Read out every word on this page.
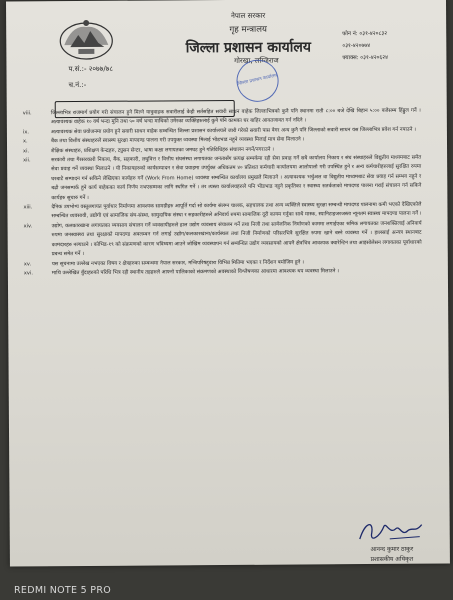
नेपाल सरकार
गृह मन्त्रालय
जिल्ला प्रशासन कार्यालय
गोरखा, लम्जिराज
फोन नं: ०३१-४२०८३२
०३१-४२०७७४
फ्याक्स: ०३१-४२०६२४
प.सं.:- २०७७/७८
च.नं.:-	जिल्ला प्रशासन कार्यालय
viii.	जिल्लाभित्र राजमार्ग प्रयोग गरी संचालन हुने मिल्ने यात्रुवाहक सवारीलाई केही सर्तसहित सवारी साधन वाहेक जिल्लाभित्रको कुनै पनि स्थानमा राती ८:०० बजे देखि बिहान ५:०० बजेसम्म हिंड्डुल गर्ने । अत्यावश्यक वाहेक १० वर्ष भन्दा मुनि तथा ५० वर्ष भन्दा माथिको उमेरका व्यक्तिहरुलाई कुनै पनि कामका घर बाहिर आवतजावत गर्न नदिने ।
ix.	अत्यावश्यक सेवा प्रयोजनमा प्रयोग हुने सवारी साधन वाहेक सम्बन्धित जिल्ला प्रशासन कार्यालयले जारी गरेको सवारी पास वेगर अन्य कुनै पनि जिल्लाको सवारी साधन यस जिल्लाभित्र प्रवेश गर्न नपाउने ।
x.	बैंक तथा वित्तीय संस्थाहरुले स्वास्थ्य सुरक्षा मापदण्ड पालना गरी उपयुक्त व्यवस्था मिलाई भीडभाड नहुने व्यवस्था मिलाई मात्र सेवा मिलाउने ।
xi.	शैक्षिक संस्थाहरु, प्रशिक्षण केन्द्रहरु, ट्युसन सेन्टर, भाषा कक्षा लगायतका जमघट हुने गतिविधिहरु संचालन नगर्ने/नगराउने ।
xii.	सरकारी तथा गैरसरकारी निकाय, बैंक, सहकारी, लघुवित्त र वित्तीय संघसंस्था लगायतका जनतासँग प्रत्यक्ष सम्पर्कमा रही सेवा प्रवाह गर्ने सबै कार्यालय निकाय र संघ संस्थाहरुले विद्युतीय माध्यमबाट समेत सेवा प्रवाह गर्ने व्यवस्था मिलाउने । यी निकायहरुको कार्यसम्पादन र सेवा प्रवाहमा उपर्युक्त अधिकतम ४० प्रतिशत कर्मचारी कार्यालयमा आलोपालो गरी उपस्थित हुने र अन्य कर्मचारीहरुलाई सुरक्षित रुपमा घरबाटै सम्पादन गर्न सकिने लेखिएका कार्यहरु गर्ने (Work From Home) व्यवस्था सम्बन्धित कार्यालय प्रमुखले मिलाउने । अत्यावश्यक भर्चुअल वा विद्युतीय माध्यमबाट सेवा प्रवाह गर्न सम्भव नहुने र बढी जनसम्पर्क हुने कार्य बाहेकका कार्य निर्णय नभएसम्मका लागि स्थगित गर्ने । तर त्यस्ता कार्यालयहरुले पनि भीडभाड नहुने प्रकृतिका र स्वास्थ्य सतर्कताको मापदण्ड पालना गराई संचालन गर्न सकिने कार्यहरु सुचारु गर्ने ।
xiii.	दैनिक उपभोग्य वस्तुलगायत पूर्वाधार निर्माणमा आवश्यक सामग्रीहरु आपूर्ति गर्दा सो कार्यमा संलग्न चालक, सहचालक तथा अन्य व्यक्तिले स्वास्थ्य सुरक्षा सम्बन्धी मापदण्ड पालनामा कमी भएको देखिएकोले सम्बन्धित व्यवसायी, उद्योगी एवं सामाजिक संघ-संस्था, सामुदायिक संस्था र सहकारीहरुले अनिवार्य रुपमा सामाजिक दूरी कायम गर्नुका साथै मास्क, स्यानिटाइजरजस्ता न्यूनतम स्वास्थ्य मापदण्ड पालना गर्ने ।
xiv.	उद्योग, कलकारखाना लगायतका व्यवसाय संचालन गर्ने व्यवसायीहरुले हाल उद्योग व्यवसाय संचालन गर्ने तथा निजी तथा सार्वजनिक निर्माणको काममा लगाईएका श्रमिक लगायतका जनशक्तिलाई अनिवार्य रुपमा जनस्वास्थ्य तथा सुरक्षाको मापदण्ड अवलम्बन गर्न लगाई उद्योग/कलकारखाना/कार्यस्थल तथा निजी निर्माणको परिसरभित्रै सुरक्षित रुपमा खाने बस्ने व्यवस्था गर्ने । हालसाई अन्यत्र स्थानबाट कामदारहरु नल्याउने । कोभिड-१९ को संक्रमणको कारण भविष्यमा आउने जोखिम व्यवस्थापन गर्न सम्बन्धित उद्योग व्यवसायको आफ्नै क्षेत्रभित्र आवश्यक क्वारेन्टिन तथा आइसोलेसन लगायतका पूर्वाधारको प्रबन्ध समेत गर्ने ।
xv.	यस सूचनामा उल्लेख नभएका विषय र क्षेत्रहरुका सम्बन्धमा नेपाल सरकार, मन्त्रिपरिषद्द्वारा विभिन्न मितिमा भएका र निर्देशन बमोजिम हुने ।
xvi.	माथि उल्लेखित बुँदाहरुको परिधि भित्र रही स्थानीय तहहरुले आफ्नो पालिकाको संक्रमणको अवस्थाको विश्लेषणका आधारमा आवश्यक थप व्यवस्था मिलाउने ।
आनन्द कुमार ठाकुर
प्रशासकीय अधिकृत
REDMI NOTE 5 PRO
